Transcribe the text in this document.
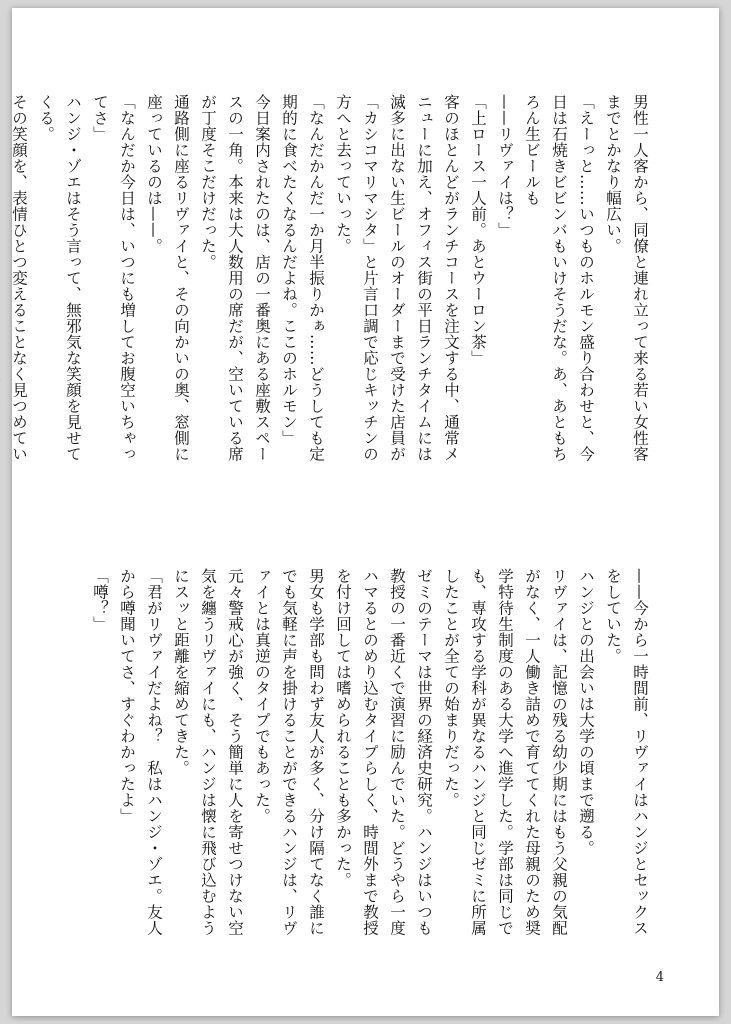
男性一人客から、同僚と連れ立って来る若い女性客までとかなり幅広い。

「えーっと……いつものホルモン盛り合わせと、今日は石焼きビビンバもいけそうだな。あ、あともちろん生ビールも

——リヴァイは？」

「上ロース一人前。あとウーロン茶」

客のほとんどがランチコースを注文する中、通常メニューに加え、オフィス街の平日ランチタイムには滅多に出ない生ビールのオーダーまで受けた店員が「カシコマリマシタ」と片言口調で応じキッチンの方へと去っていった。

「なんだかんだ一か月半振りかぁ……どうしても定期的に食べたくなるんだよね。ここのホルモン」

今日案内されたのは、店の一番奥にある座敷スペースの一角。本来は大人数用の席だが、空いている席が丁度そこだけだった。

通路側に座るリヴァイと、その向かいの奥、窓側に座っているのは——。

「なんだか今日は、いつにも増してお腹空いちゃってさ」

ハンジ・ゾエはそう言って、無邪気な笑顔を見せてくる。

その笑顔を、表情ひとつ変えることなく見つめてい

——今から一時間前、リヴァイはハンジとセックスをしていた。

ハンジとの出会いは大学の頃まで遡る。

リヴァイは、記憶の残る幼少期にはもう父親の気配がなく、一人働き詰めで育ててくれた母親のため奨学特待生制度のある大学へ進学した。学部は同じでも、専攻する学科が異なるハンジと同じゼミに所属したことが全ての始まりだった。

ゼミのテーマは世界の経済史研究。ハンジはいつも教授の一番近くで演習に励んでいた。どうやら一度ハマるとのめり込むタイプらしく、時間外まで教授を付け回しては嗜められることも多かった。

男女も学部も問わず友人が多く、分け隔てなく誰にでも気軽に声を掛けることができるハンジは、リヴァイとは真逆のタイプでもあった。

元々警戒心が強く、そう簡単に人を寄せつけない空気を纏うリヴァイにも、ハンジは懐に飛び込むようにスッと距離を縮めてきた。

「君がリヴァイだよね？　私はハンジ・ゾエ。友人から噂聞いてさ、すぐわかったよ」

「噂？」

4
